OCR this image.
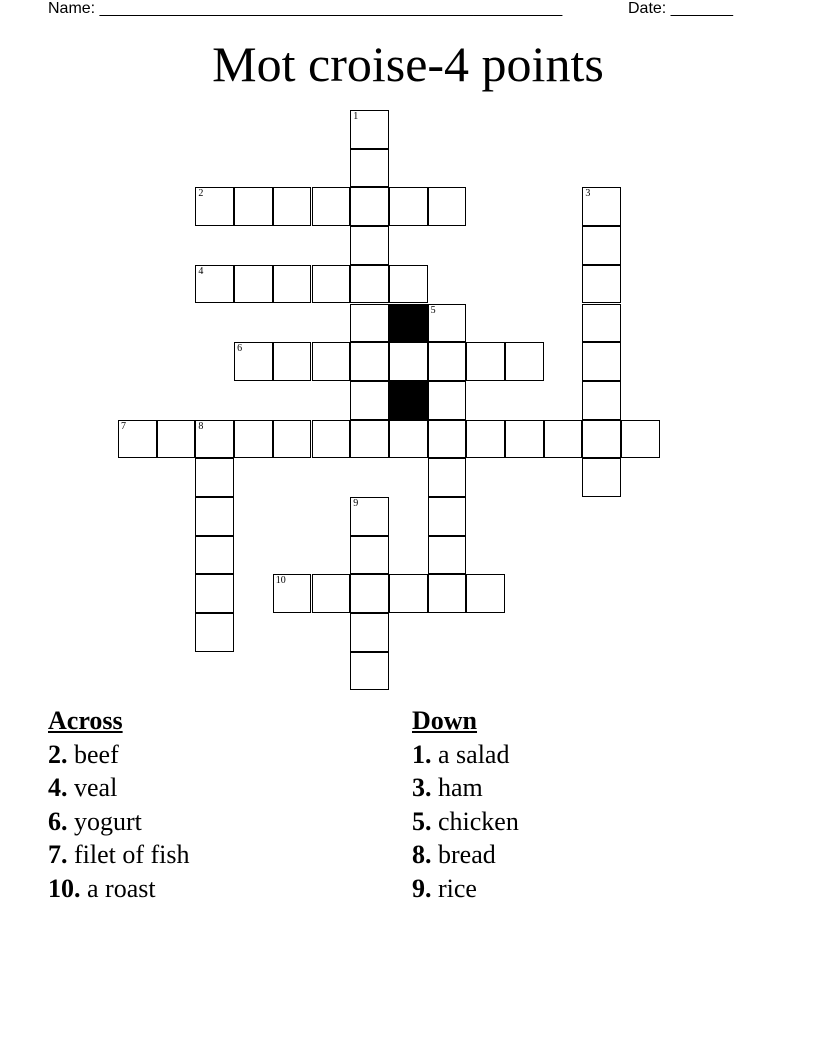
Name: ____________________________________________________	Date: _______
Mot croise-4 points
1
2	3
4
5
6
7	8
9
10
Across
2. beef
4. veal
6. yogurt
7. filet of fish
10. a roast
Down
1. a salad
3. ham
5. chicken
8. bread
9. rice
